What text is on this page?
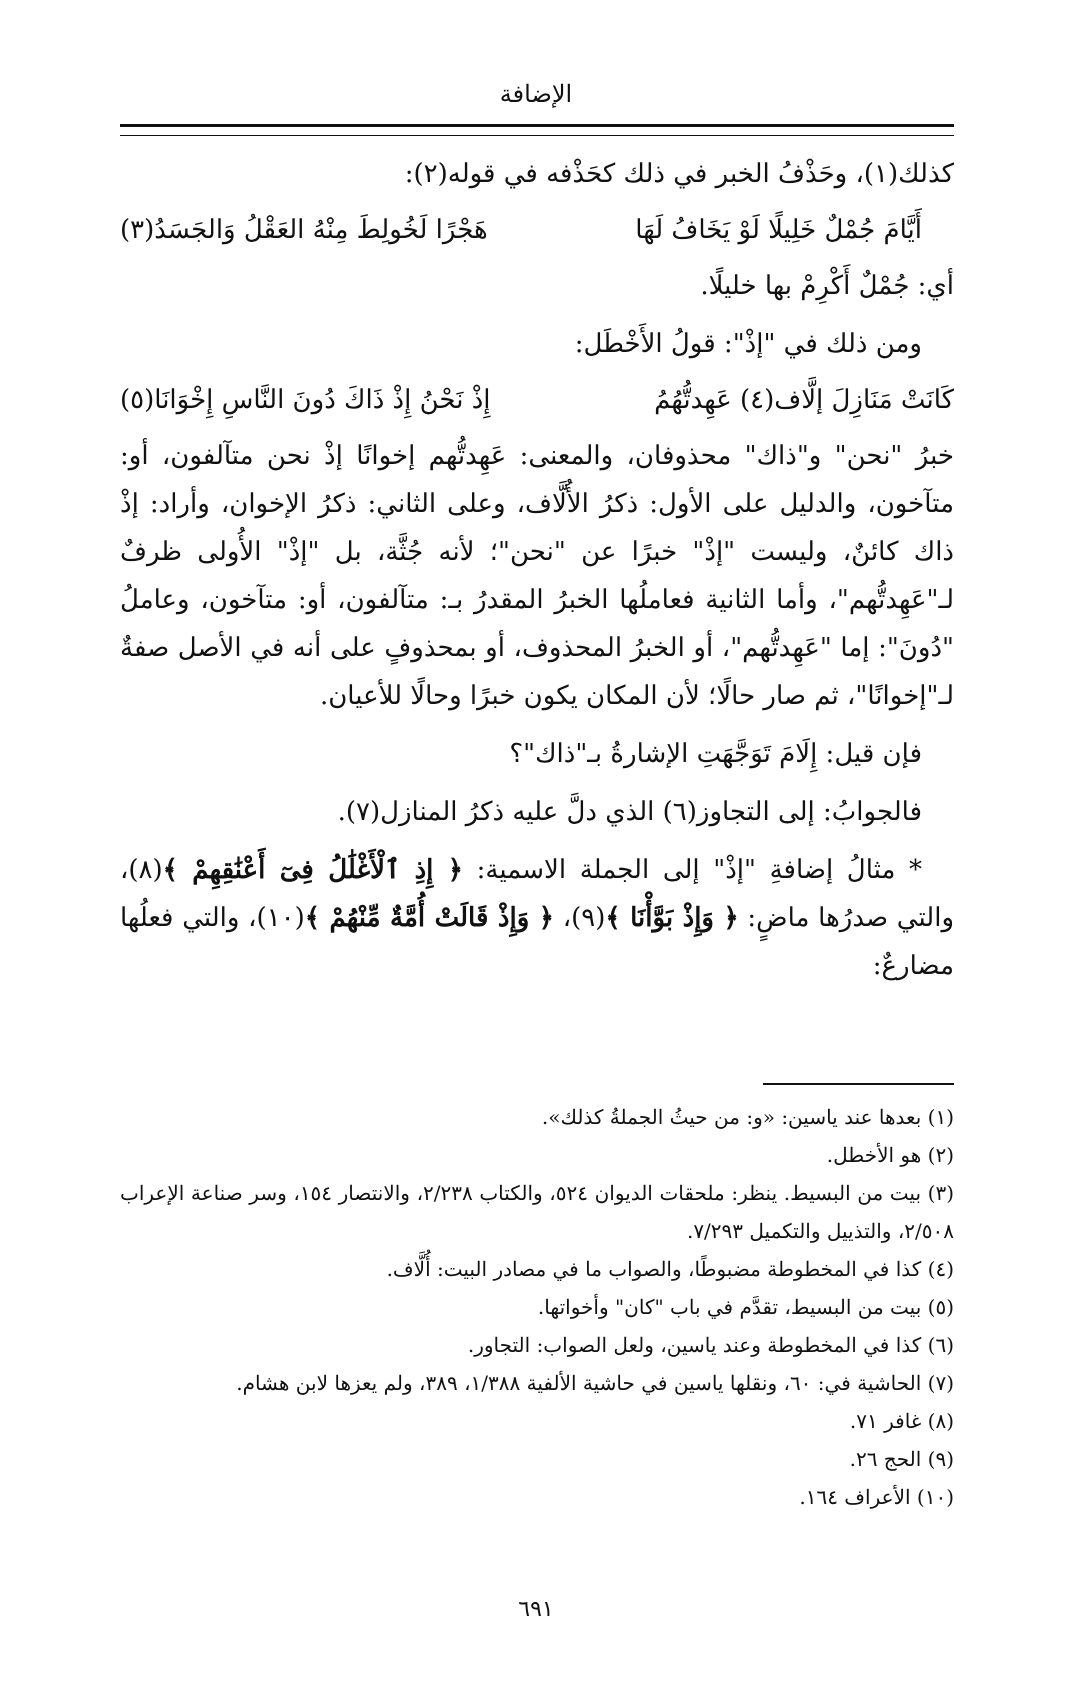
الإضافة

كذلك(١)، وحَذْفُ الخبر في ذلك كحَذْفه في قوله(٢):

أَيَّامَ جُمْلٌ خَلِيلًا لَوْ يَخَافُ لَهَا
هَجْرًا لَخُولِطَ مِنْهُ العَقْلُ وَالجَسَدُ(٣)

أي: جُمْلٌ أَكْرِمْ بها خليلًا.

ومن ذلك في "إذْ": قولُ الأَخْطَل:

كَانَتْ مَنَازِلَ إلَّاف(٤) عَهِدتُّهُمُ
إِذْ نَحْنُ إِذْ ذَاكَ دُونَ النَّاسِ إِخْوَانَا(٥)

خبرُ "نحن" و"ذاك" محذوفان، والمعنى: عَهِدتُّهم إخوانًا إذْ نحن متآلفون، أو: متآخون، والدليل على الأول: ذكرُ الأُلَّاف، وعلى الثاني: ذكرُ الإخوان، وأراد: إذْ ذاك كائنٌ، وليست "إذْ" خبرًا عن "نحن"؛ لأنه جُثَّة، بل "إذْ" الأُولى ظرفٌ لـ"عَهِدتُّهم"، وأما الثانية فعاملُها الخبرُ المقدرُ بـ: متآلفون، أو: متآخون، وعاملُ "دُونَ": إما "عَهِدتُّهم"، أو الخبرُ المحذوف، أو بمحذوفٍ على أنه في الأصل صفةٌ لـ"إخوانًا"، ثم صار حالًا؛ لأن المكان يكون خبرًا وحالًا للأعيان.

فإن قيل: إِلَامَ تَوَجَّهَتِ الإشارةُ بـ"ذاك"؟

فالجوابُ: إلى التجاوز(٦) الذي دلَّ عليه ذكرُ المنازل(٧).

* مثالُ إضافةِ "إذْ" إلى الجملة الاسمية: ﴿ إِذِ ٱلْأَغْلَٰلُ فِىٓ أَعْنَٰقِهِمْ ﴾(٨)، والتي صدرُها ماضٍ: ﴿ وَإِذْ بَوَّأْنَا ﴾(٩)، ﴿ وَإِذْ قَالَتْ أُمَّةٌ مِّنْهُمْ ﴾(١٠)، والتي فعلُها مضارعٌ:

(١) بعدها عند ياسين: «و: من حيثُ الجملةُ كذلك».

(٢) هو الأخطل.

(٣) بيت من البسيط. ينظر: ملحقات الديوان ٥٢٤، والكتاب ٢/٢٣٨، والانتصار ١٥٤، وسر صناعة الإعراب ٢/٥٠٨، والتذييل والتكميل ٧/٢٩٣.

(٤) كذا في المخطوطة مضبوطًا، والصواب ما في مصادر البيت: أُلَّاف.

(٥) بيت من البسيط، تقدَّم في باب "كان" وأخواتها.

(٦) كذا في المخطوطة وعند ياسين، ولعل الصواب: التجاور.

(٧) الحاشية في: ٦٠، ونقلها ياسين في حاشية الألفية ١/٣٨٨، ٣٨٩، ولم يعزها لابن هشام.

(٨) غافر ٧١.

(٩) الحج ٢٦.

(١٠) الأعراف ١٦٤.

٦٩١
